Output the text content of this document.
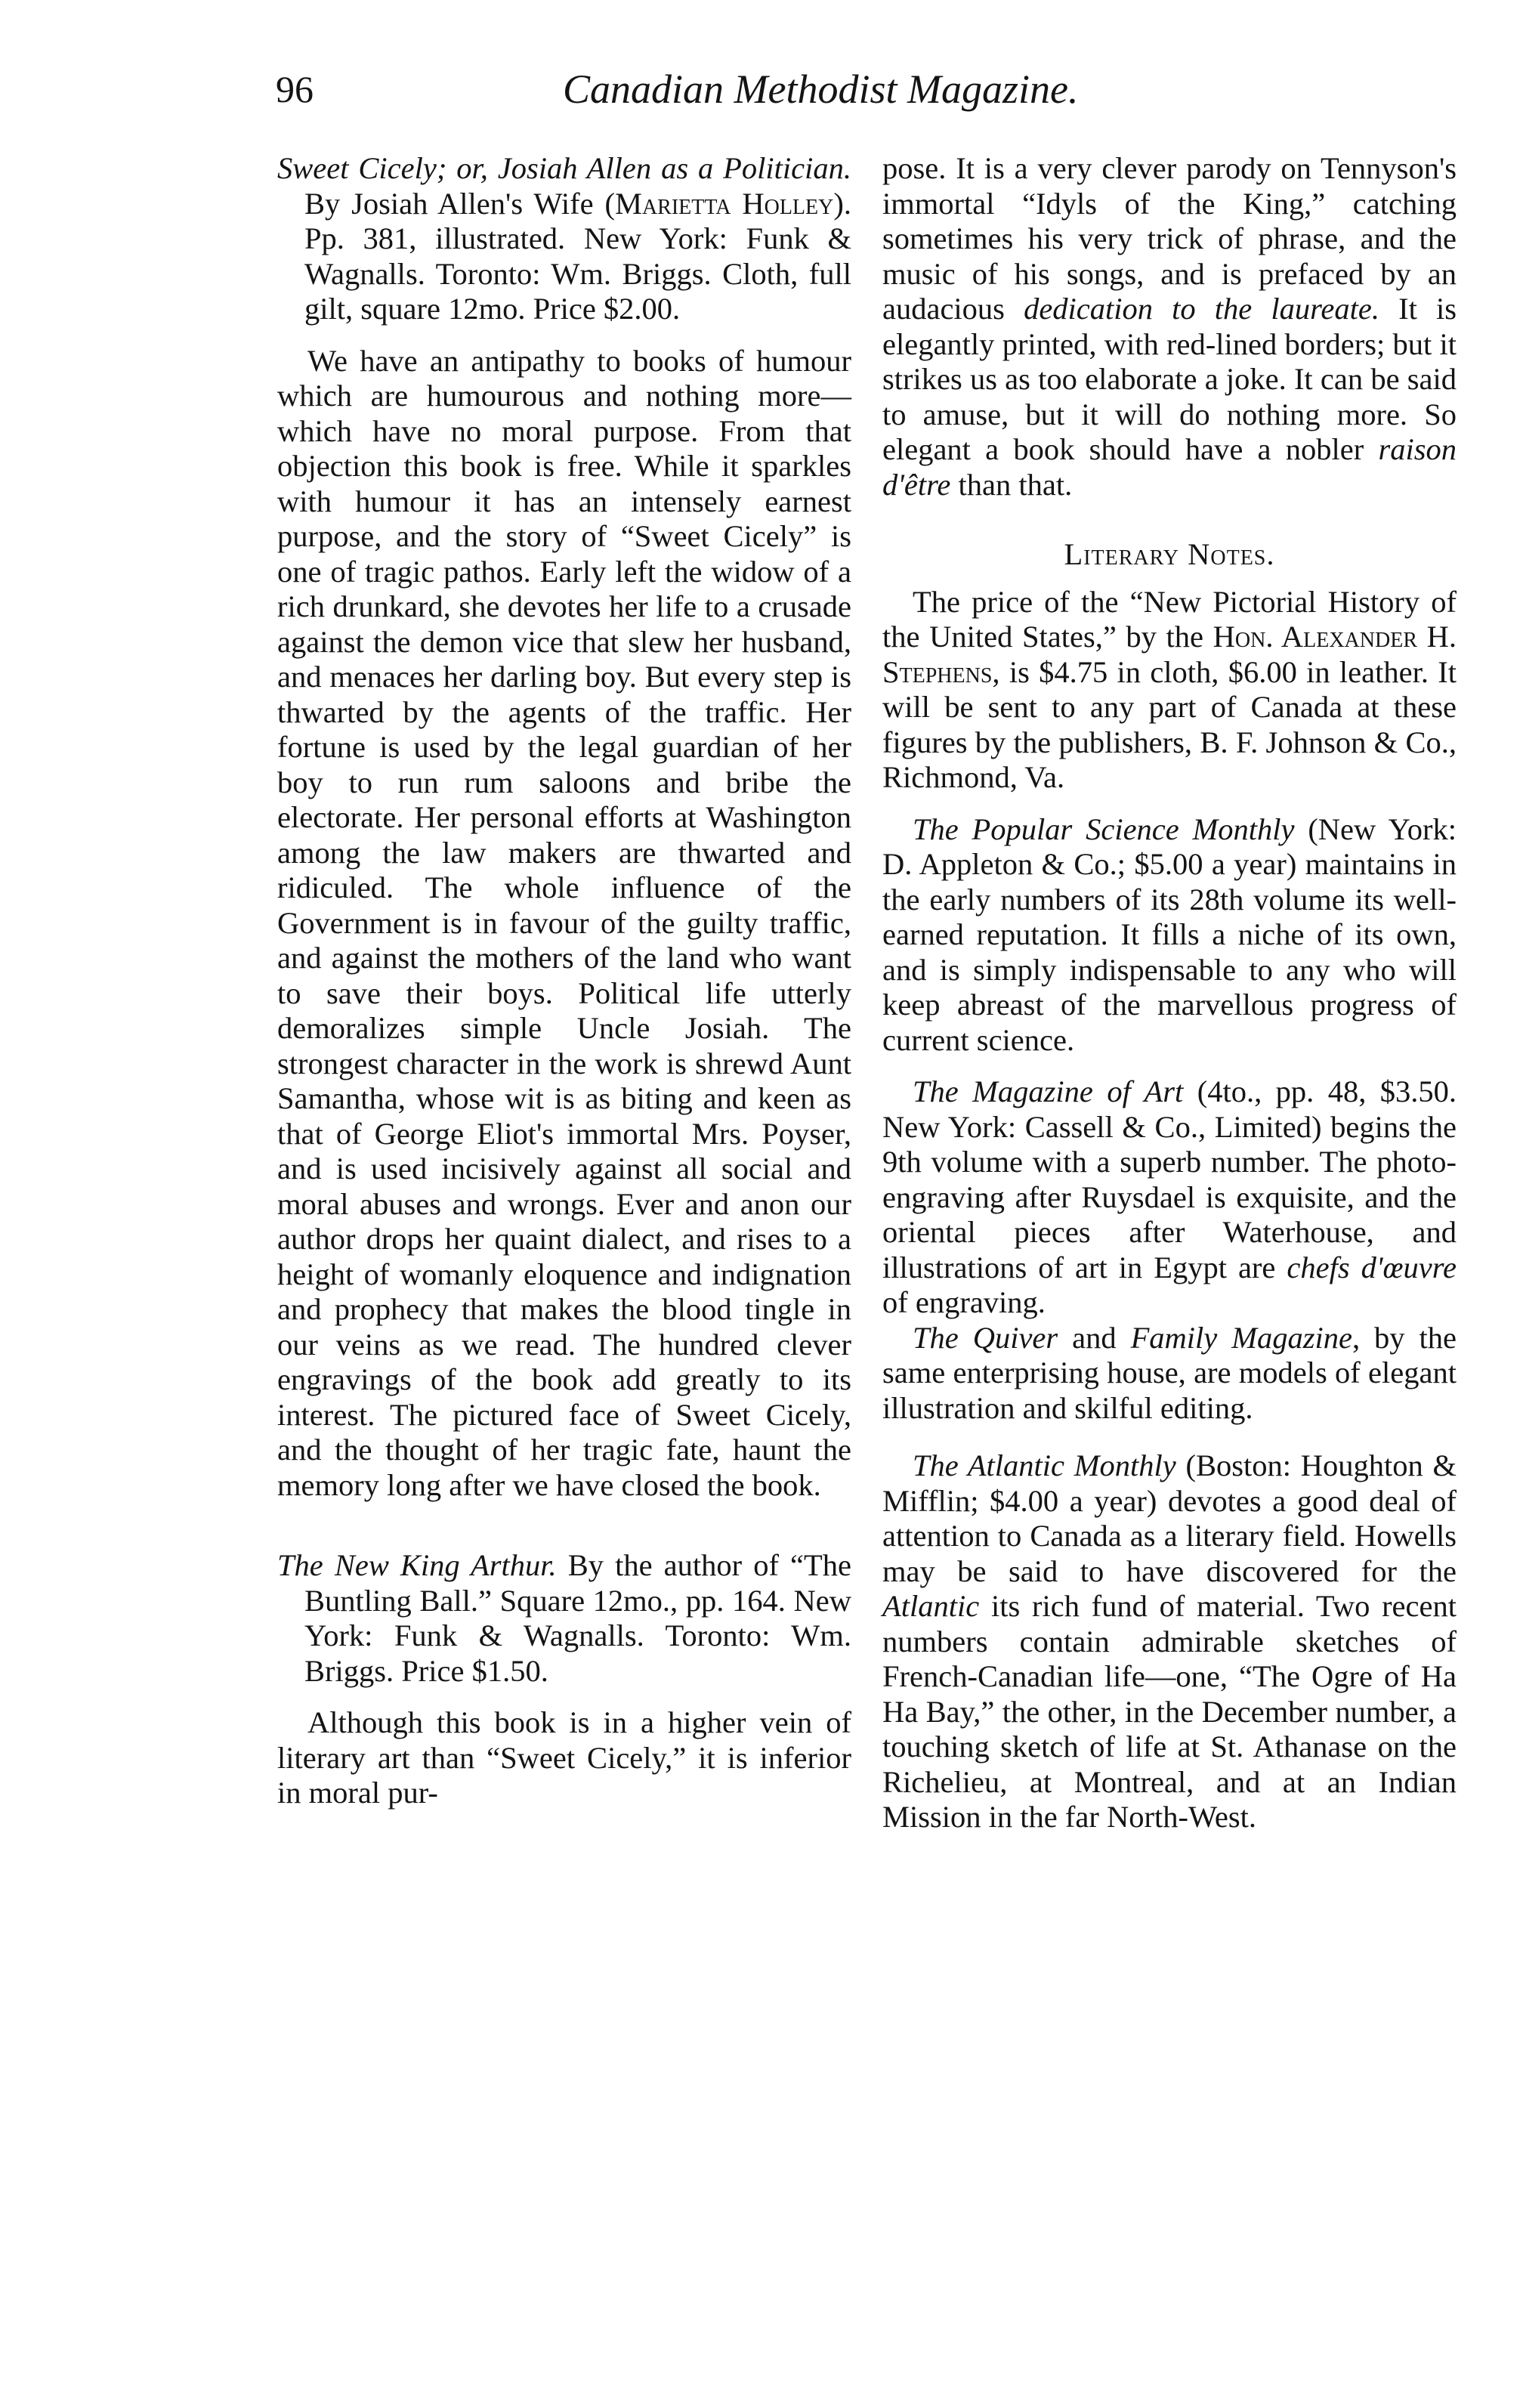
96	Canadian Methodist Magazine.

Sweet Cicely; or, Josiah Allen as a Politician. By Josiah Allen's Wife (Marietta Holley). Pp. 381, illustrated. New York: Funk & Wagnalls. Toronto: Wm. Briggs. Cloth, full gilt, square 12mo. Price $2.00.

We have an antipathy to books of humour which are humourous and nothing more—which have no moral purpose. From that objection this book is free. While it sparkles with humour it has an intensely earnest purpose, and the story of “Sweet Cicely” is one of tragic pathos. Early left the widow of a rich drunkard, she devotes her life to a crusade against the demon vice that slew her husband, and menaces her darling boy. But every step is thwarted by the agents of the traffic. Her fortune is used by the legal guardian of her boy to run rum saloons and bribe the electorate. Her personal efforts at Washington among the law makers are thwarted and ridiculed. The whole influence of the Government is in favour of the guilty traffic, and against the mothers of the land who want to save their boys. Political life utterly demoralizes simple Uncle Josiah. The strongest character in the work is shrewd Aunt Samantha, whose wit is as biting and keen as that of George Eliot's immortal Mrs. Poyser, and is used incisively against all social and moral abuses and wrongs. Ever and anon our author drops her quaint dialect, and rises to a height of womanly eloquence and indignation and prophecy that makes the blood tingle in our veins as we read. The hundred clever engravings of the book add greatly to its interest. The pictured face of Sweet Cicely, and the thought of her tragic fate, haunt the memory long after we have closed the book.

The New King Arthur. By the author of “The Buntling Ball.” Square 12mo., pp. 164. New York: Funk & Wagnalls. Toronto: Wm. Briggs. Price $1.50.

Although this book is in a higher vein of literary art than “Sweet Cicely,” it is inferior in moral pur-

pose. It is a very clever parody on Tennyson's immortal “Idyls of the King,” catching sometimes his very trick of phrase, and the music of his songs, and is prefaced by an audacious dedication to the laureate. It is elegantly printed, with red-lined borders; but it strikes us as too elaborate a joke. It can be said to amuse, but it will do nothing more. So elegant a book should have a nobler raison d'être than that.

Literary Notes.

The price of the “New Pictorial History of the United States,” by the Hon. Alexander H. Stephens, is $4.75 in cloth, $6.00 in leather. It will be sent to any part of Canada at these figures by the publishers, B. F. Johnson & Co., Richmond, Va.

The Popular Science Monthly (New York: D. Appleton & Co.; $5.00 a year) maintains in the early numbers of its 28th volume its well-earned reputation. It fills a niche of its own, and is simply indispensable to any who will keep abreast of the marvellous progress of current science.

The Magazine of Art (4to., pp. 48, $3.50. New York: Cassell & Co., Limited) begins the 9th volume with a superb number. The photo-engraving after Ruysdael is exquisite, and the oriental pieces after Waterhouse, and illustrations of art in Egypt are chefs d'œuvre of engraving.

The Quiver and Family Magazine, by the same enterprising house, are models of elegant illustration and skilful editing.

The Atlantic Monthly (Boston: Houghton & Mifflin; $4.00 a year) devotes a good deal of attention to Canada as a literary field. Howells may be said to have discovered for the Atlantic its rich fund of material. Two recent numbers contain admirable sketches of French-Canadian life—one, “The Ogre of Ha Ha Bay,” the other, in the December number, a touching sketch of life at St. Athanase on the Richelieu, at Montreal, and at an Indian Mission in the far North-West.
